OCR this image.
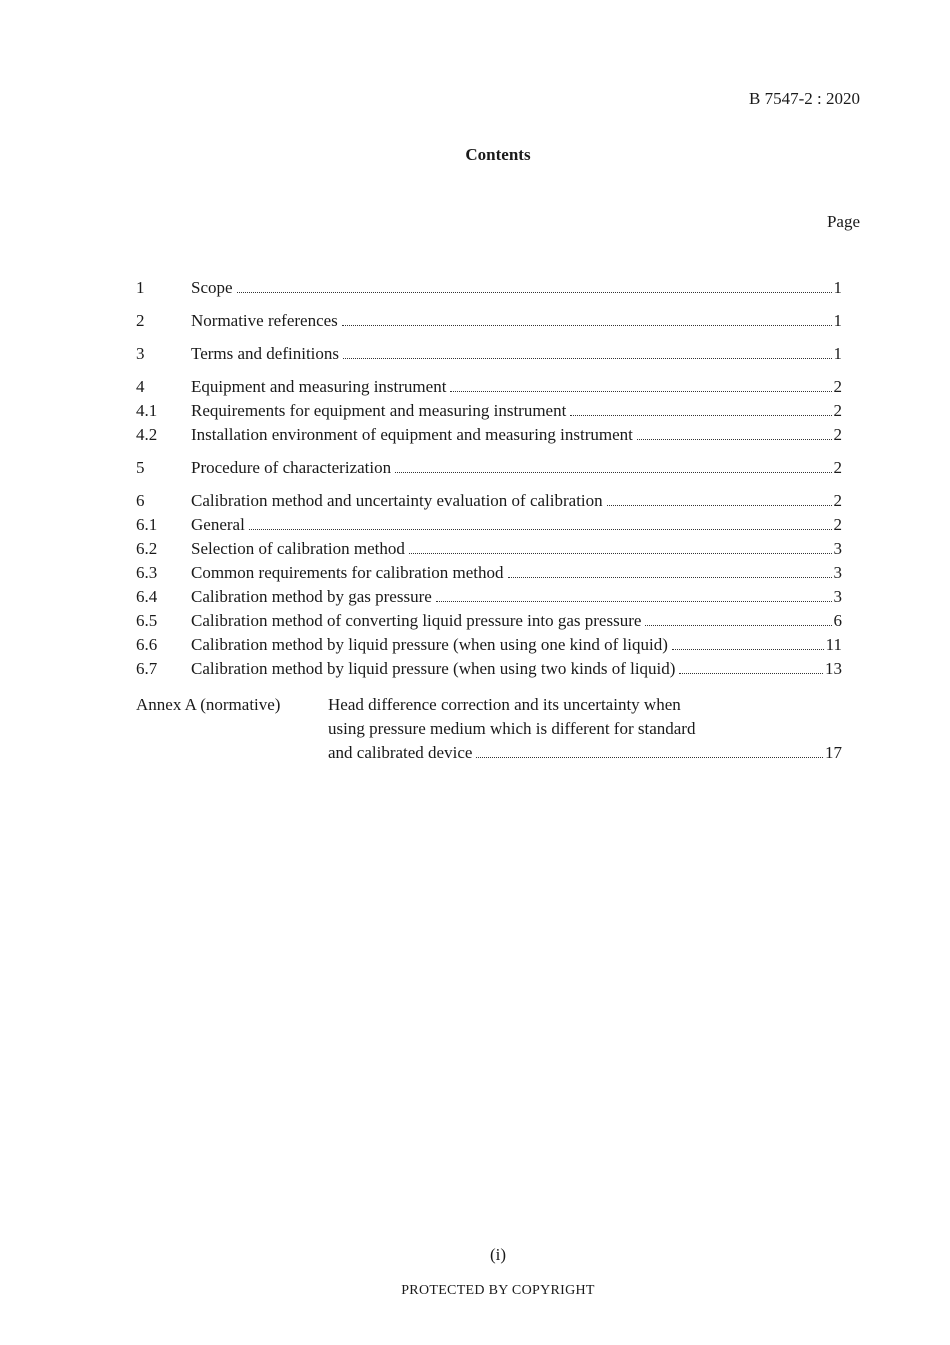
B 7547-2 : 2020
Contents
Page
1	Scope	1
2	Normative references	1
3	Terms and definitions	1
4	Equipment and measuring instrument	2
4.1	Requirements for equipment and measuring instrument	2
4.2	Installation environment of equipment and measuring instrument	2
5	Procedure of characterization	2
6	Calibration method and uncertainty evaluation of calibration	2
6.1	General	2
6.2	Selection of calibration method	3
6.3	Common requirements for calibration method	3
6.4	Calibration method by gas pressure	3
6.5	Calibration method of converting liquid pressure into gas pressure	6
6.6	Calibration method by liquid pressure (when using one kind of liquid)	11
6.7	Calibration method by liquid pressure (when using two kinds of liquid)	13
Annex A (normative)	Head difference correction and its uncertainty when
using pressure medium which is different for standard
and calibrated device	17
(i)
PROTECTED BY COPYRIGHT
